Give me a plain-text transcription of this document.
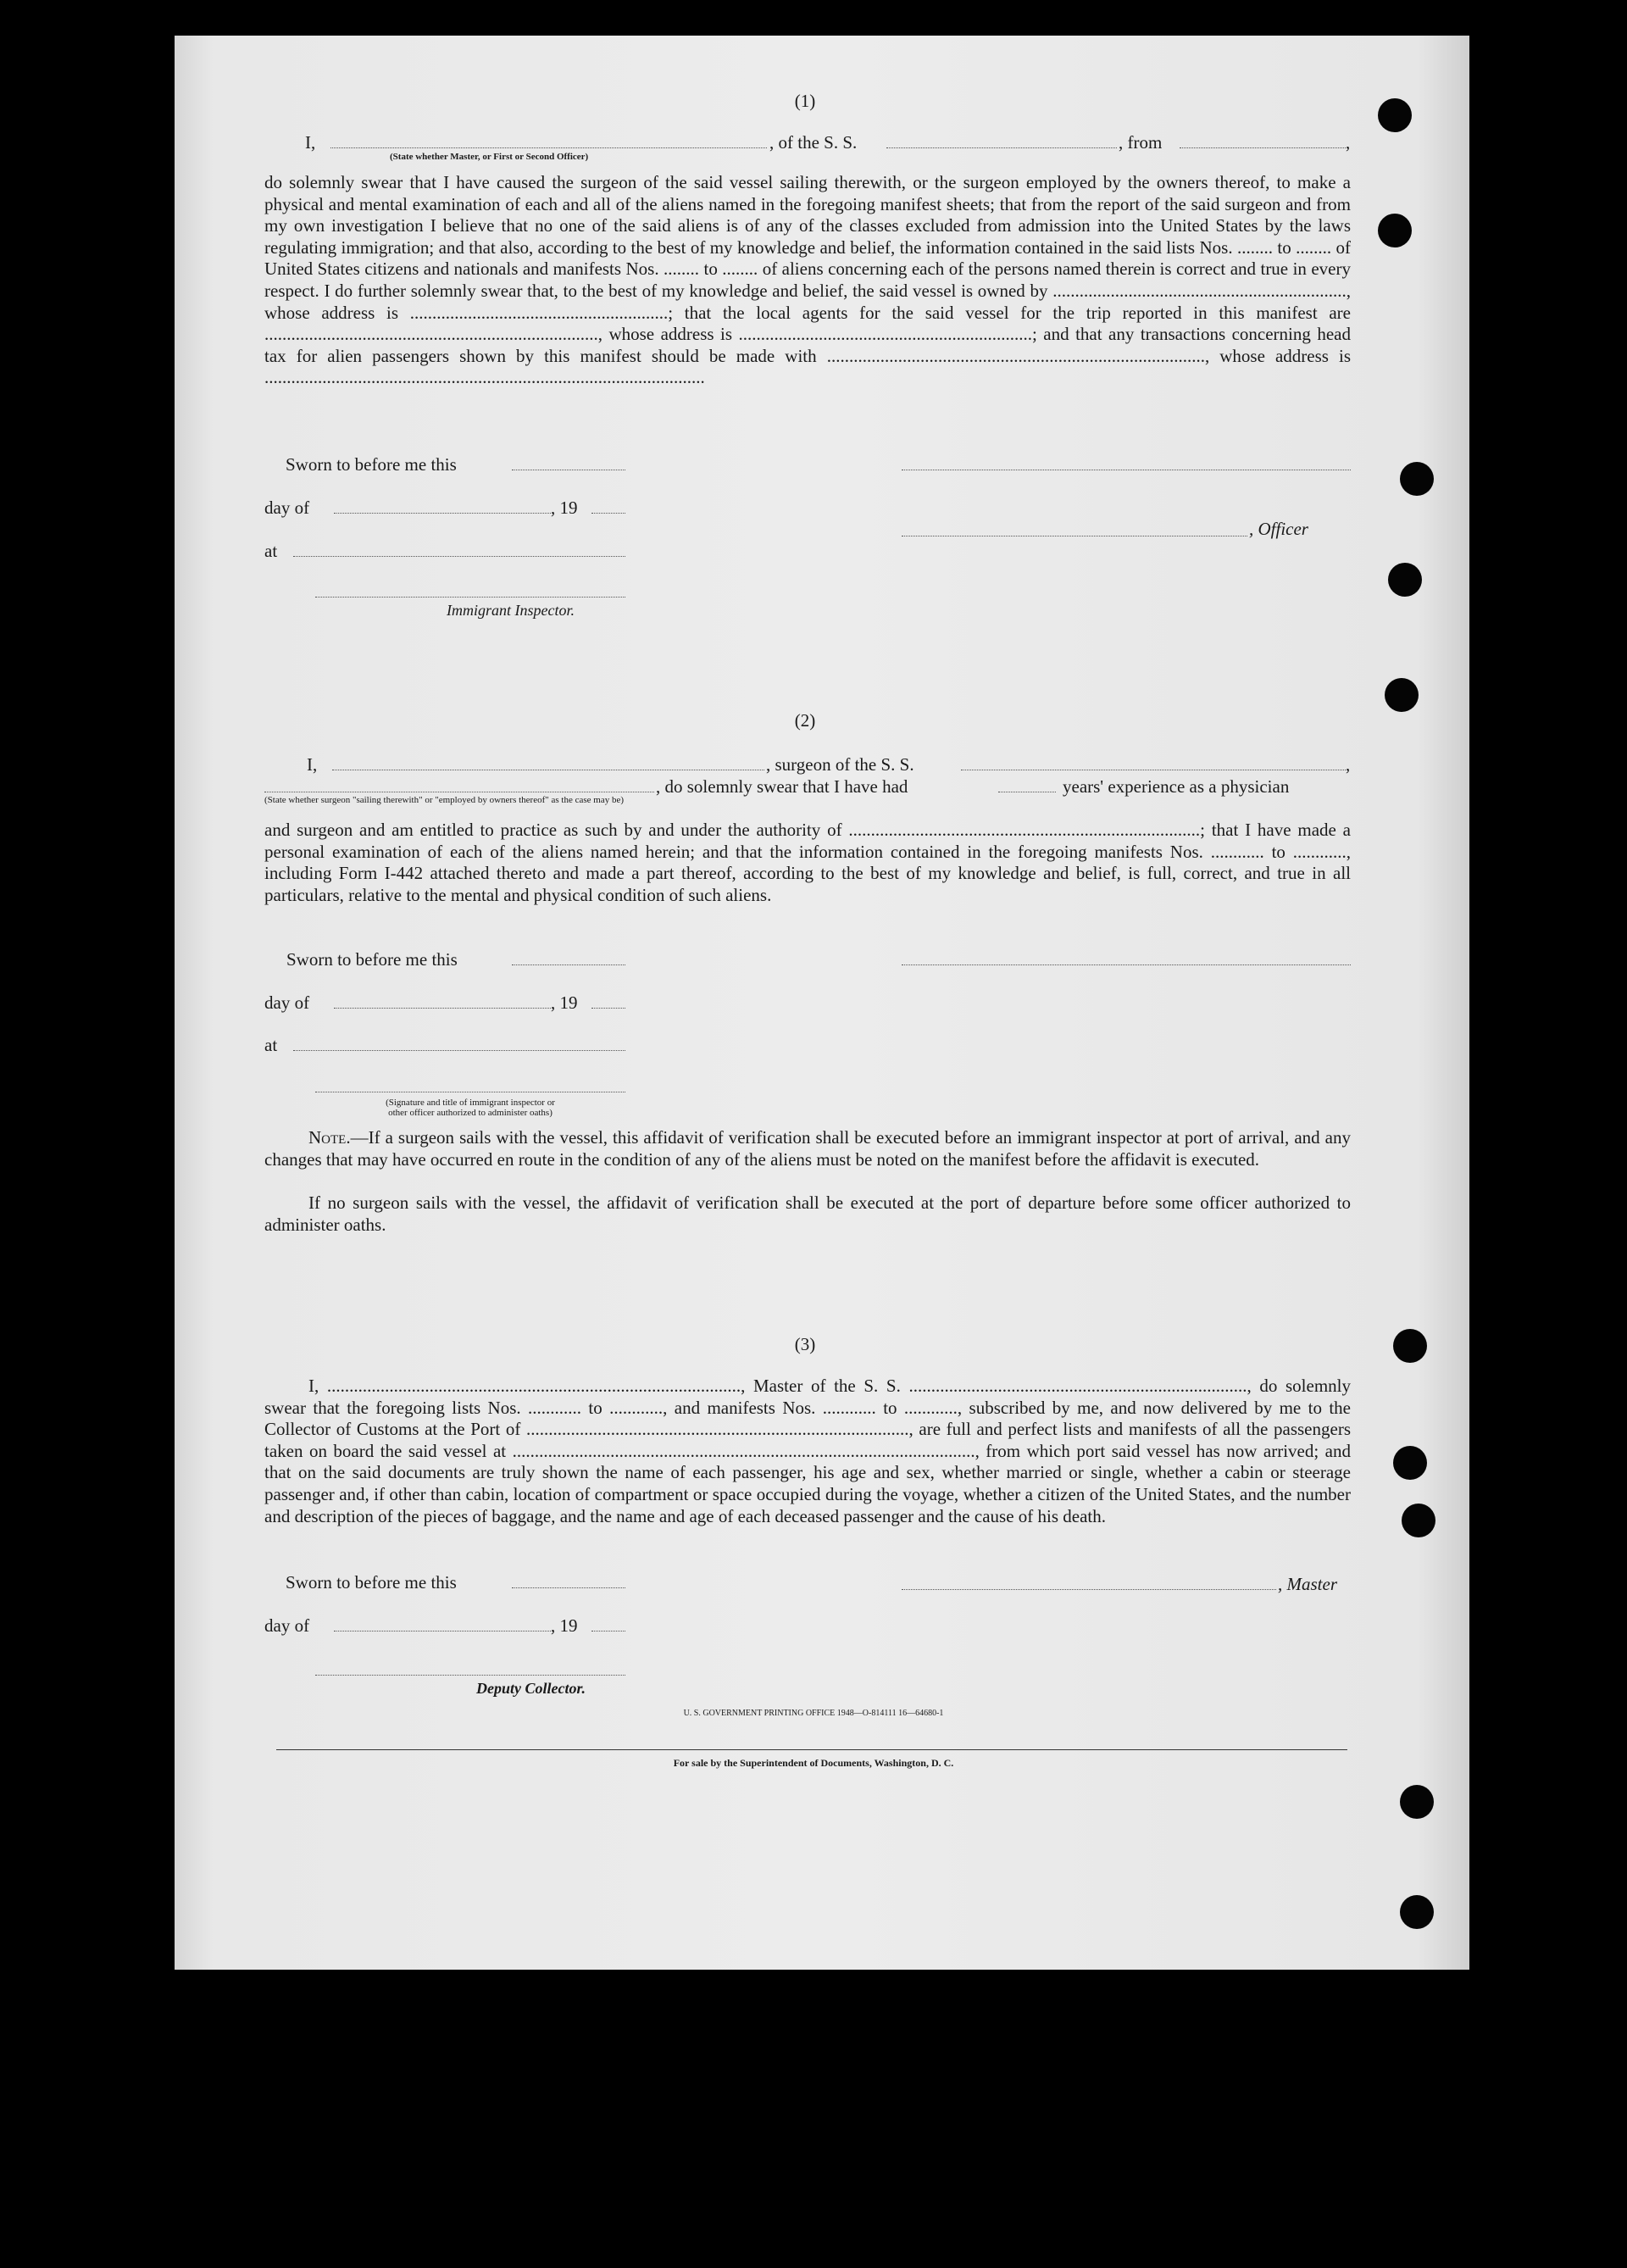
(1)
I,
(State whether Master, or First or Second Officer)
, of the S. S.	, from	,
do solemnly swear that I have caused the surgeon of the said vessel sailing therewith, or the surgeon employed by the owners thereof, to make a physical and mental examination of each and all of the aliens named in the foregoing manifest sheets; that from the report of the said surgeon and from my own investigation I believe that no one of the said aliens is of any of the classes excluded from admission into the United States by the laws regulating immigration; and that also, according to the best of my knowledge and belief, the information contained in the said lists Nos. ........ to ........ of United States citizens and nationals and manifests Nos. ........ to ........ of aliens concerning each of the persons named therein is correct and true in every respect. I do further solemnly swear that, to the best of my knowledge and belief, the said vessel is owned by .................................................................., whose address is ..........................................................; that the local agents for the said vessel for the trip reported in this manifest are ..........................................................................., whose address is ..................................................................; and that any transactions concerning head tax for alien passengers shown by this manifest should be made with ....................................................................................., whose address is ...................................................................................................
Sworn to before me this
day of	, 19
, Officer
at
Immigrant Inspector.
(2)
I,	, surgeon of the S. S.	,
, do solemnly swear that I have had	years' experience as a physician
(State whether surgeon "sailing therewith" or "employed by owners thereof" as the case may be)
and surgeon and am entitled to practice as such by and under the authority of ...............................................................................; that I have made a personal examination of each of the aliens named herein; and that the information contained in the foregoing manifests Nos. ............ to ............, including Form I-442 attached thereto and made a part thereof, according to the best of my knowledge and belief, is full, correct, and true in all particulars, relative to the mental and physical condition of such aliens.
Sworn to before me this
day of	, 19
at
(Signature and title of immigrant inspector or
other officer authorized to administer oaths)
Note.—If a surgeon sails with the vessel, this affidavit of verification shall be executed before an immigrant inspector at port of arrival, and any changes that may have occurred en route in the condition of any of the aliens must be noted on the manifest before the affidavit is executed.
If no surgeon sails with the vessel, the affidavit of verification shall be executed at the port of departure before some officer authorized to administer oaths.
(3)
I, ............................................................................................., Master of the S. S. ............................................................................, do solemnly swear that the foregoing lists Nos. ............ to ............, and manifests Nos. ............ to ............, subscribed by me, and now delivered by me to the Collector of Customs at the Port of ......................................................................................, are full and perfect lists and manifests of all the passengers taken on board the said vessel at ........................................................................................................, from which port said vessel has now arrived; and that on the said documents are truly shown the name of each passenger, his age and sex, whether married or single, whether a cabin or steerage passenger and, if other than cabin, location of compartment or space occupied during the voyage, whether a citizen of the United States, and the number and description of the pieces of baggage, and the name and age of each deceased passenger and the cause of his death.
Sworn to before me this	, Master
day of	, 19
Deputy Collector.
U. S. GOVERNMENT PRINTING OFFICE 1948—O-814111 16—64680-1
For sale by the Superintendent of Documents, Washington, D. C.
